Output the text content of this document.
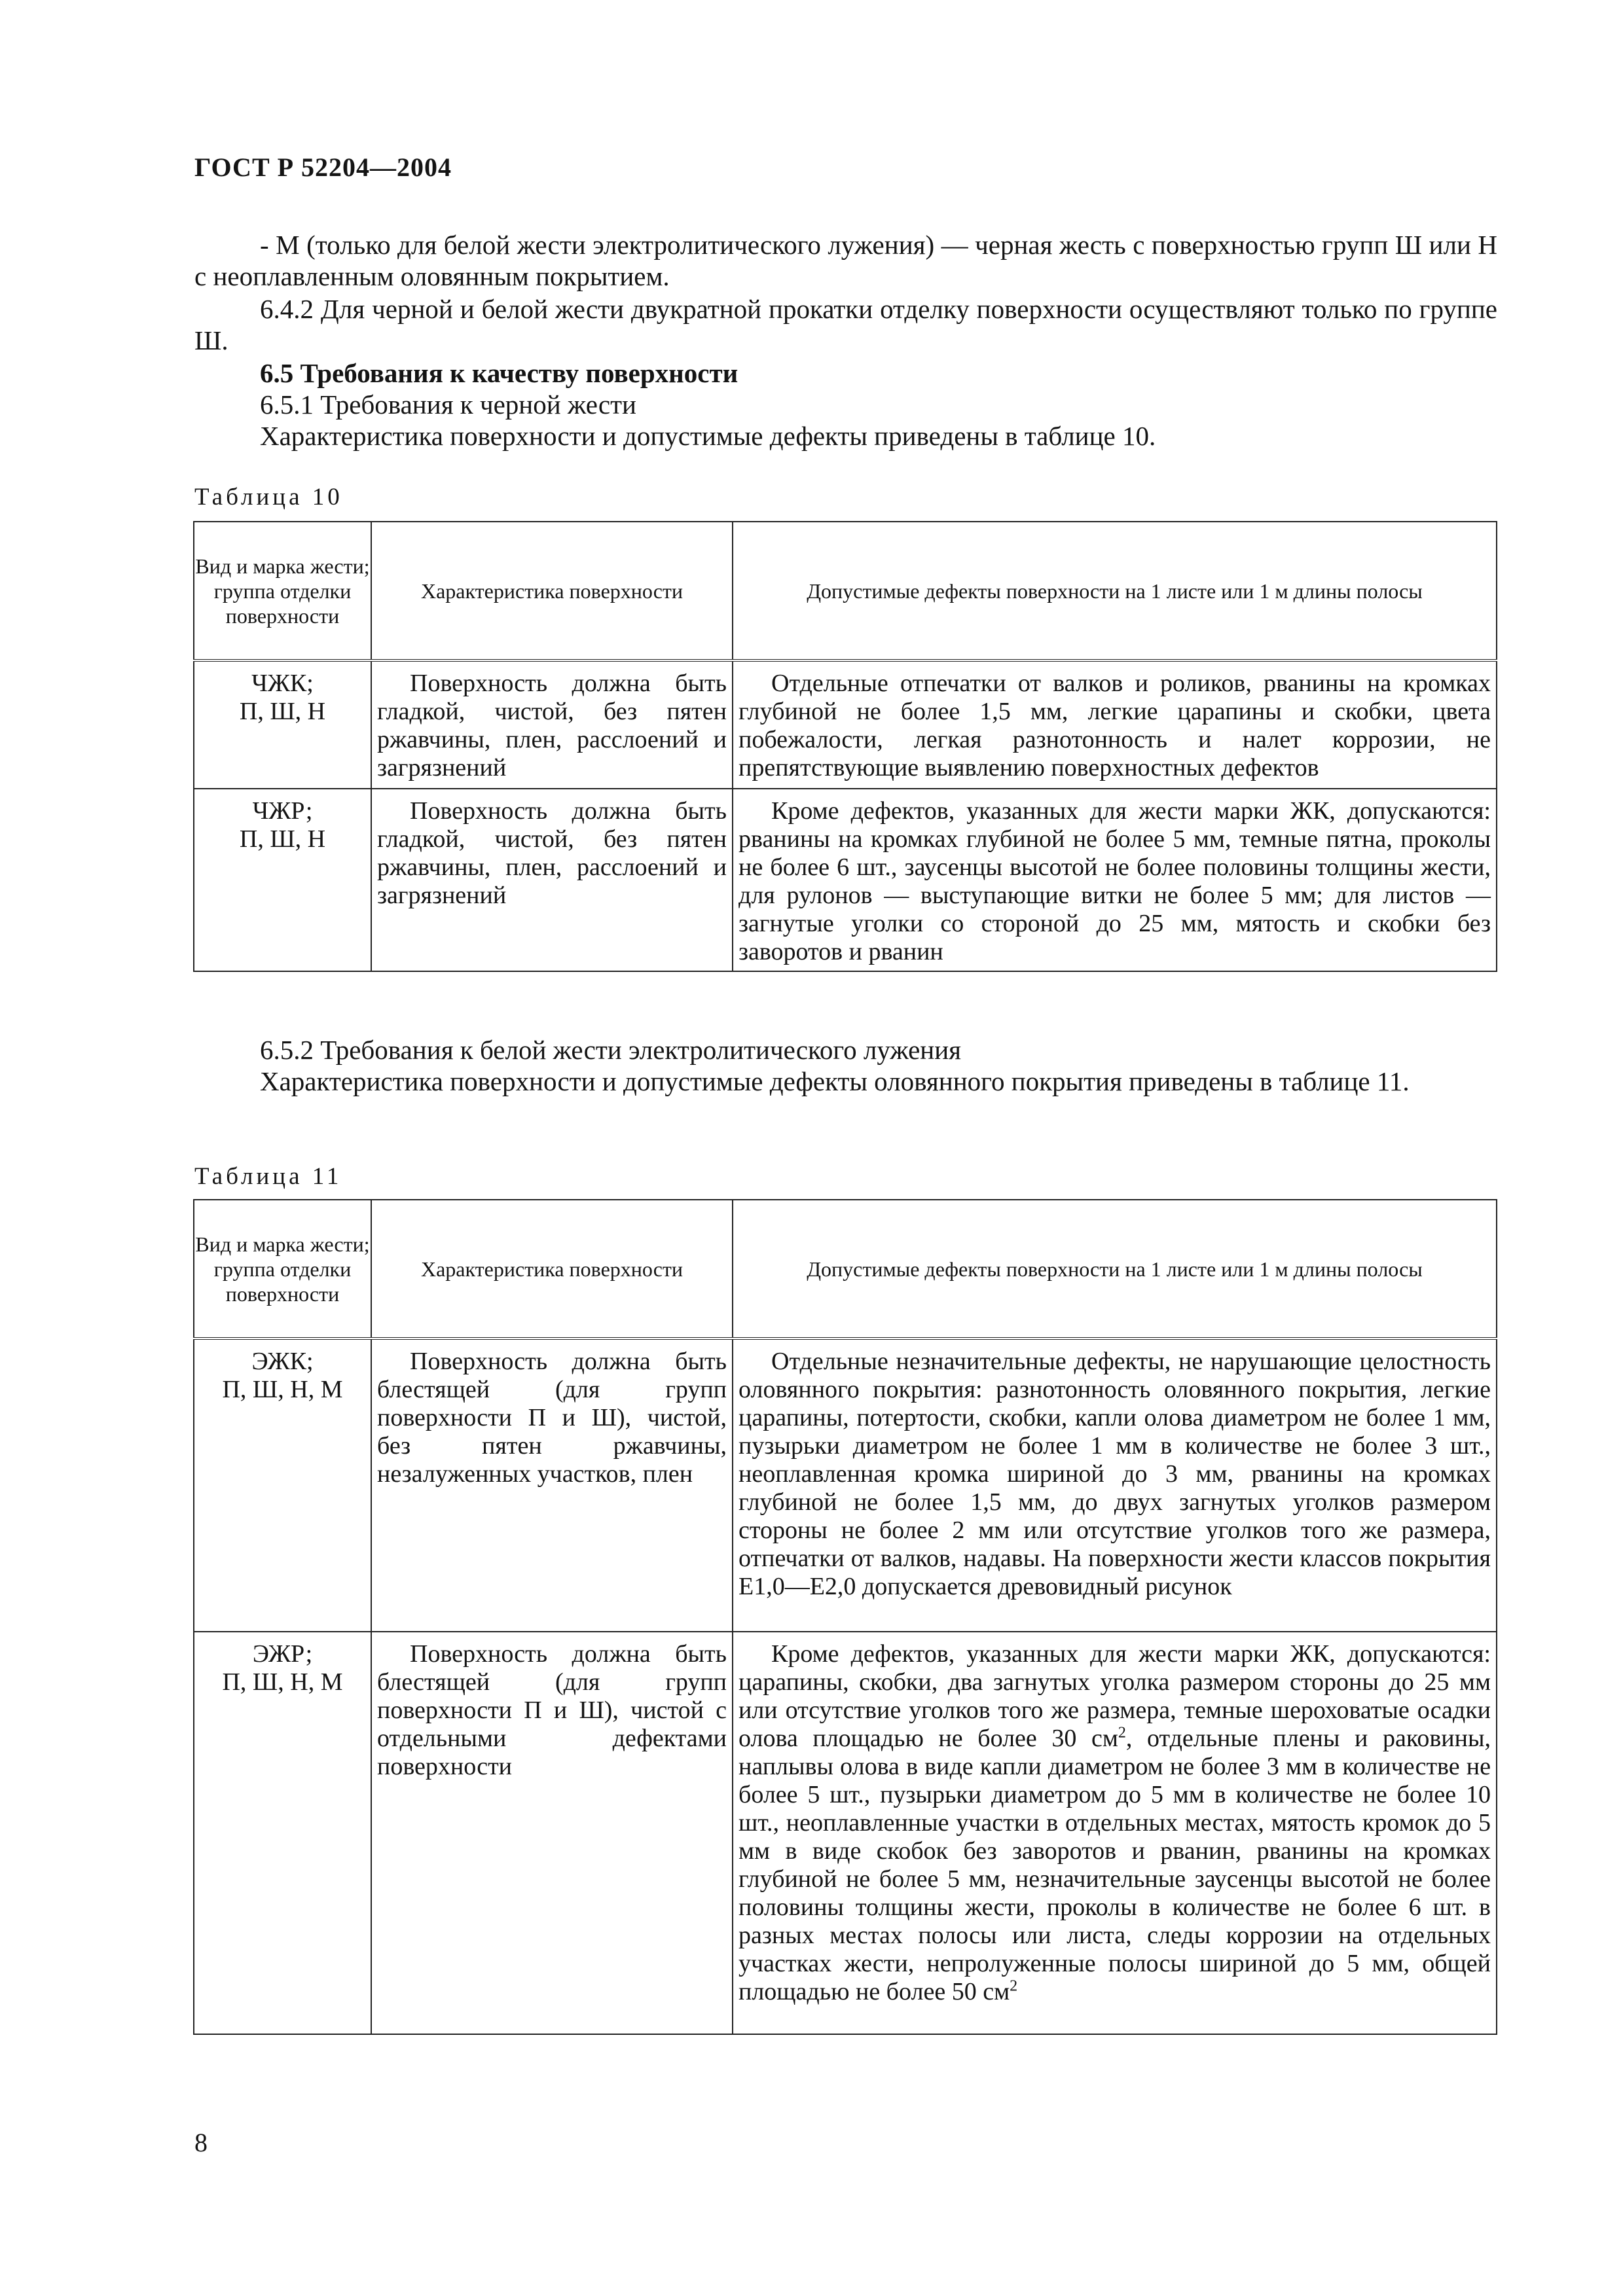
ГОСТ Р 52204—2004

- М (только для белой жести электролитического лужения) — черная жесть с поверхностью групп Ш или Н с неоплавленным оловянным покрытием.

6.4.2 Для черной и белой жести двукратной прокатки отделку поверхности осуществляют только по группе Ш.

6.5 Требования к качеству поверхности

6.5.1 Требования к черной жести

Характеристика поверхности и допустимые дефекты приведены в таблице 10.

Таблица 10
Вид и марка жести; группа отделки поверхности	Характеристика поверхности	Допустимые дефекты поверхности на 1 листе или 1 м длины полосы

ЧЖК;
П, Ш, Н	Поверхность должна быть гладкой, чистой, без пятен ржавчины, плен, расслоений и загрязнений	Отдельные отпечатки от валков и роликов, рванины на кромках глубиной не более 1,5 мм, легкие царапины и скобки, цвета побежалости, легкая разнотонность и налет коррозии, не препятствующие выявлению поверхностных дефектов

ЧЖР;
П, Ш, Н	Поверхность должна быть гладкой, чистой, без пятен ржавчины, плен, расслоений и загрязнений	Кроме дефектов, указанных для жести марки ЖК, допускаются: рванины на кромках глубиной не более 5 мм, темные пятна, проколы не более 6 шт., заусенцы высотой не более половины толщины жести, для рулонов — выступающие витки не более 5 мм; для листов — загнутые уголки со стороной до 25 мм, мятость и скобки без заворотов и рванин

6.5.2 Требования к белой жести электролитического лужения

Характеристика поверхности и допустимые дефекты оловянного покрытия приведены в таблице 11.

Таблица 11
Вид и марка жести; группа отделки поверхности	Характеристика поверхности	Допустимые дефекты поверхности на 1 листе или 1 м длины полосы

ЭЖК;
П, Ш, Н, М	Поверхность должна быть блестящей (для групп поверхности П и Ш), чистой, без пятен ржавчины, незалуженных участков, плен	Отдельные незначительные дефекты, не нарушающие целостность оловянного покрытия: разнотонность оловянного покрытия, легкие царапины, потертости, скобки, капли олова диаметром не более 1 мм, пузырьки диаметром не более 1 мм в количестве не более 3 шт., неоплавленная кромка шириной до 3 мм, рванины на кромках глубиной не более 1,5 мм, до двух загнутых уголков размером стороны не более 2 мм или отсутствие уголков того же размера, отпечатки от валков, надавы. На поверхности жести классов покрытия Е1,0—Е2,0 допускается древовидный рисунок

ЭЖР;
П, Ш, Н, М	Поверхность должна быть блестящей (для групп поверхности П и Ш), чистой с отдельными дефектами поверхности	Кроме дефектов, указанных для жести марки ЖК, допускаются: царапины, скобки, два загнутых уголка размером стороны до 25 мм или отсутствие уголков того же размера, темные шероховатые осадки олова площадью не более 30 $см^2$, отдельные плены и раковины, наплывы олова в виде капли диаметром не более 3 мм в количестве не более 5 шт., пузырьки диаметром до 5 мм в количестве не более 10 шт., неоплавленные участки в отдельных местах, мятость кромок до 5 мм в виде скобок без заворотов и рванин, рванины на кромках глубиной не более 5 мм, незначительные заусенцы высотой не более половины толщины жести, проколы в количестве не более 6 шт. в разных местах полосы или листа, следы коррозии на отдельных участках жести, непролуженные полосы шириной до 5 мм, общей площадью не более 50 $см^2$
8
